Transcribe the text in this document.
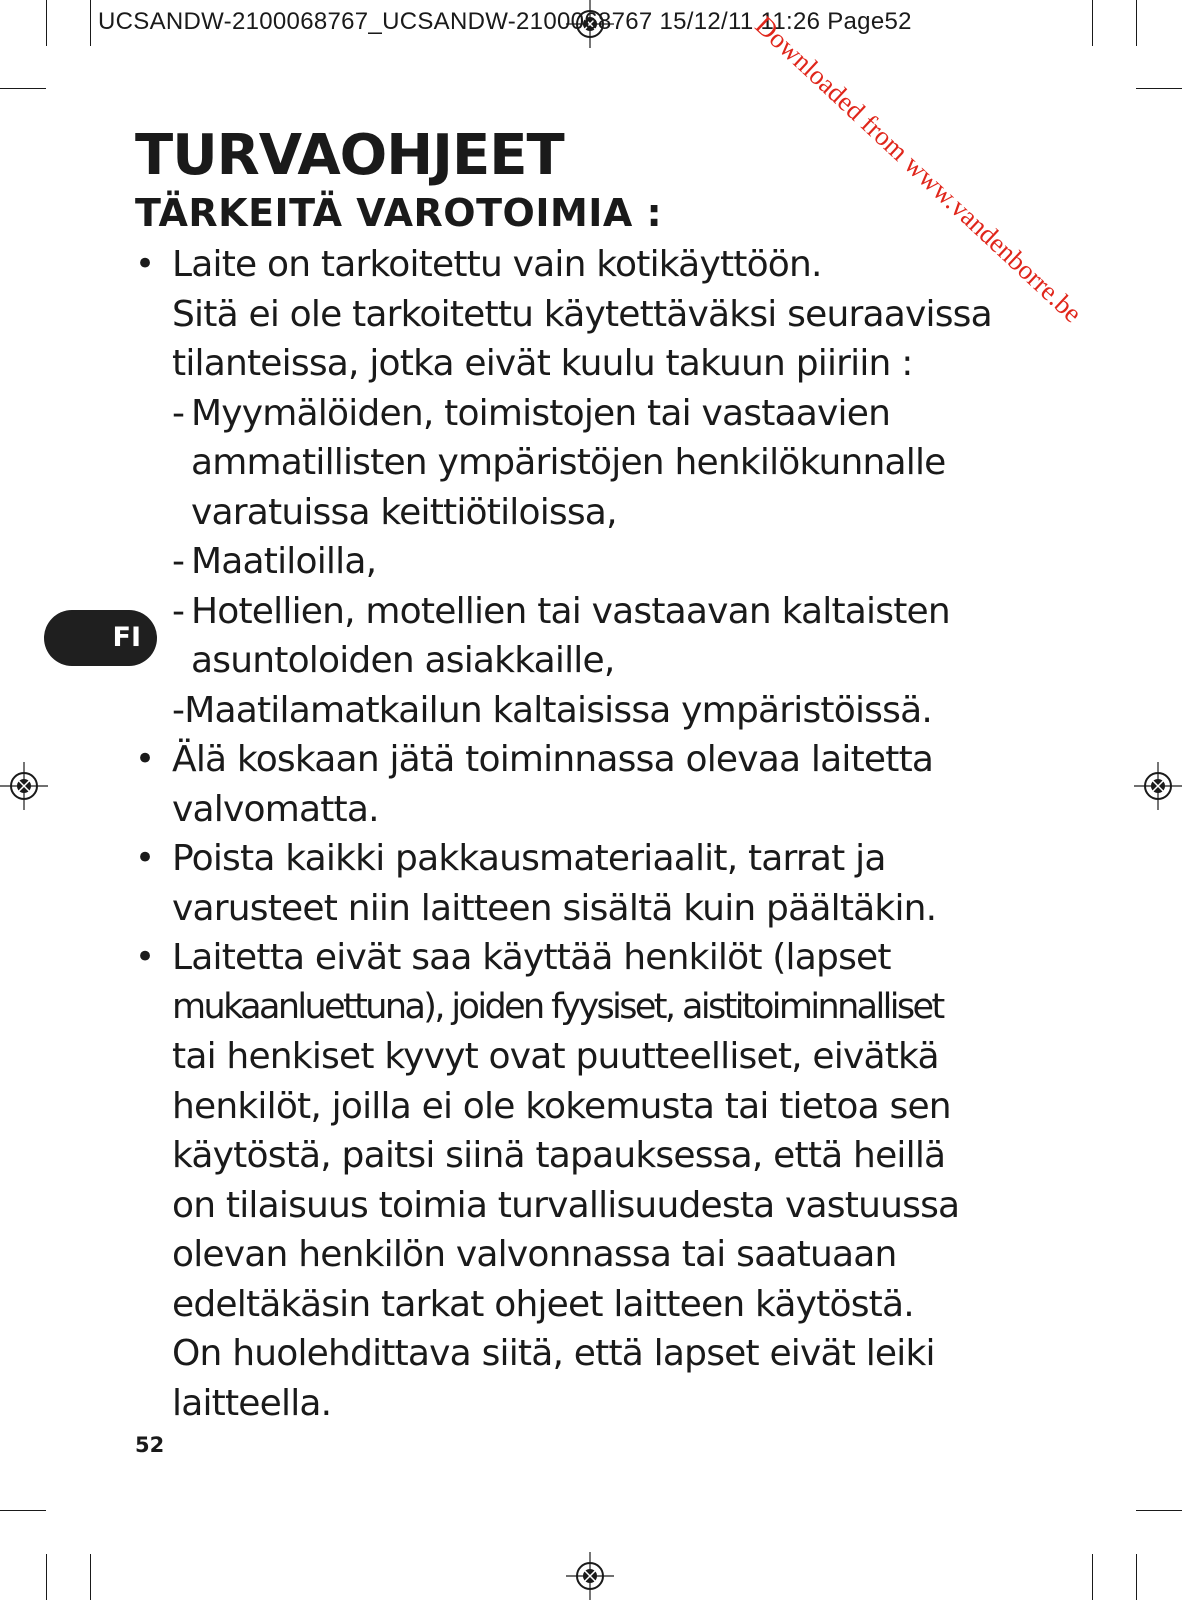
UCSANDW-2100068767_UCSANDW-2100068767 15/12/11 11:26 Page52
Downloaded from www.vandenborre.be
TURVAOHJEET
TÄRKEITÄ VAROTOIMIA :
FI
• Laite on tarkoitettu vain kotikäyttöön.
Sitä ei ole tarkoitettu käytettäväksi seuraavissa
tilanteissa, jotka eivät kuulu takuun piiriin :
- Myymälöiden, toimistojen tai vastaavien
ammatillisten ympäristöjen henkilökunnalle
varatuissa keittiötiloissa,
- Maatiloilla,
- Hotellien, motellien tai vastaavan kaltaisten
asuntoloiden asiakkaille,
-Maatilamatkailun kaltaisissa ympäristöissä.
• Älä koskaan jätä toiminnassa olevaa laitetta
valvomatta.
• Poista kaikki pakkausmateriaalit, tarrat ja
varusteet niin laitteen sisältä kuin päältäkin.
• Laitetta eivät saa käyttää henkilöt (lapset
mukaanluettuna), joiden fyysiset, aistitoiminnalliset
tai henkiset kyvyt ovat puutteelliset, eivätkä
henkilöt, joilla ei ole kokemusta tai tietoa sen
käytöstä, paitsi siinä tapauksessa, että heillä
on tilaisuus toimia turvallisuudesta vastuussa
olevan henkilön valvonnassa tai saatuaan
edeltäkäsin tarkat ohjeet laitteen käytöstä.
On huolehdittava siitä, että lapset eivät leiki
laitteella.
52
